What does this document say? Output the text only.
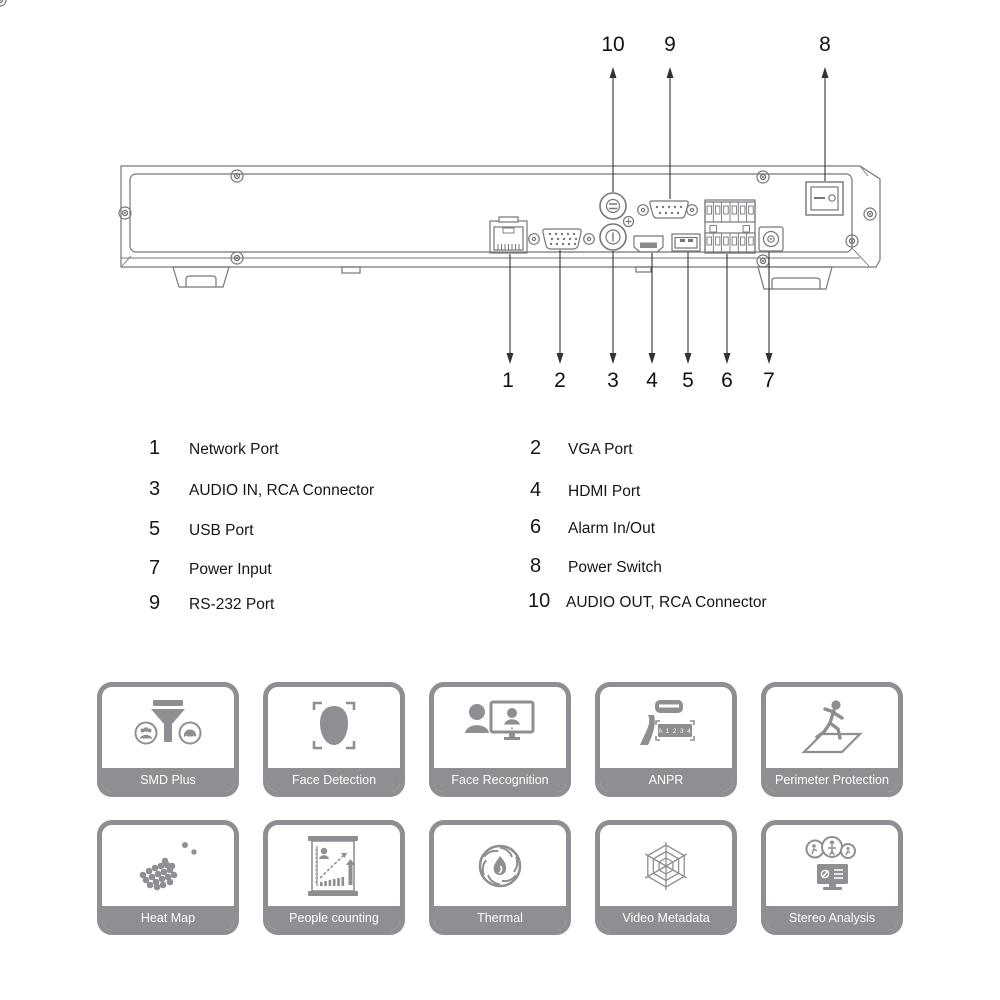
10	9	8
1	2	3	4	5	6	7
1	Network Port	2	VGA Port
3	AUDIO IN, RCA Connector	4	HDMI Port
5	USB Port	6	Alarm In/Out
7	Power Input	8	Power Switch
9	RS-232 Port	10	AUDIO OUT, RCA Connector
SMD Plus	Face Detection	Face Recognition
A 1 2 3 4
ANPR	Perimeter Protection
Heat Map	People counting	Thermal	Video Metadata	Stereo Analysis
